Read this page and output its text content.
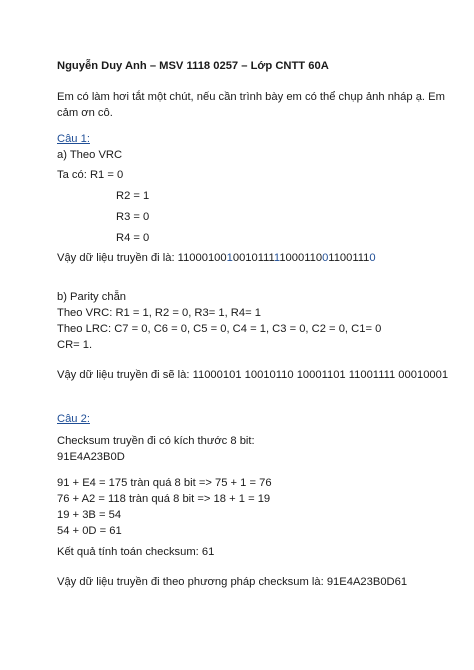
Nguyễn Duy Anh – MSV 1118 0257 – Lớp CNTT 60A
Em có làm hơi tắt một chút, nếu cần trình bày em có thể chụp ảnh nháp ạ. Em
cảm ơn cô.
Câu 1:
a) Theo VRC
Ta có: R1 = 0
R2 = 1
R3 = 0
R4 = 0
Vậy dữ liệu truyền đi là: 110001001001011111000110011001110
b) Parity chẵn
Theo VRC: R1 = 1, R2 = 0, R3= 1, R4= 1
Theo LRC: C7 = 0, C6 = 0, C5 = 0, C4 = 1, C3 = 0, C2 = 0, C1= 0
CR= 1.
Vậy dữ liệu truyền đi sẽ là: 11000101 10010110 10001101 11001111 00010001
Câu 2:
Checksum truyền đi có kích thước 8 bit:
91E4A23B0D
91 + E4 = 175 tràn quá 8 bit => 75 + 1 = 76
76 + A2 = 118 tràn quá 8 bit => 18 + 1 = 19
19 + 3B = 54
54 + 0D = 61
Kết quả tính toán checksum: 61
Vậy dữ liệu truyền đi theo phương pháp checksum là: 91E4A23B0D61
